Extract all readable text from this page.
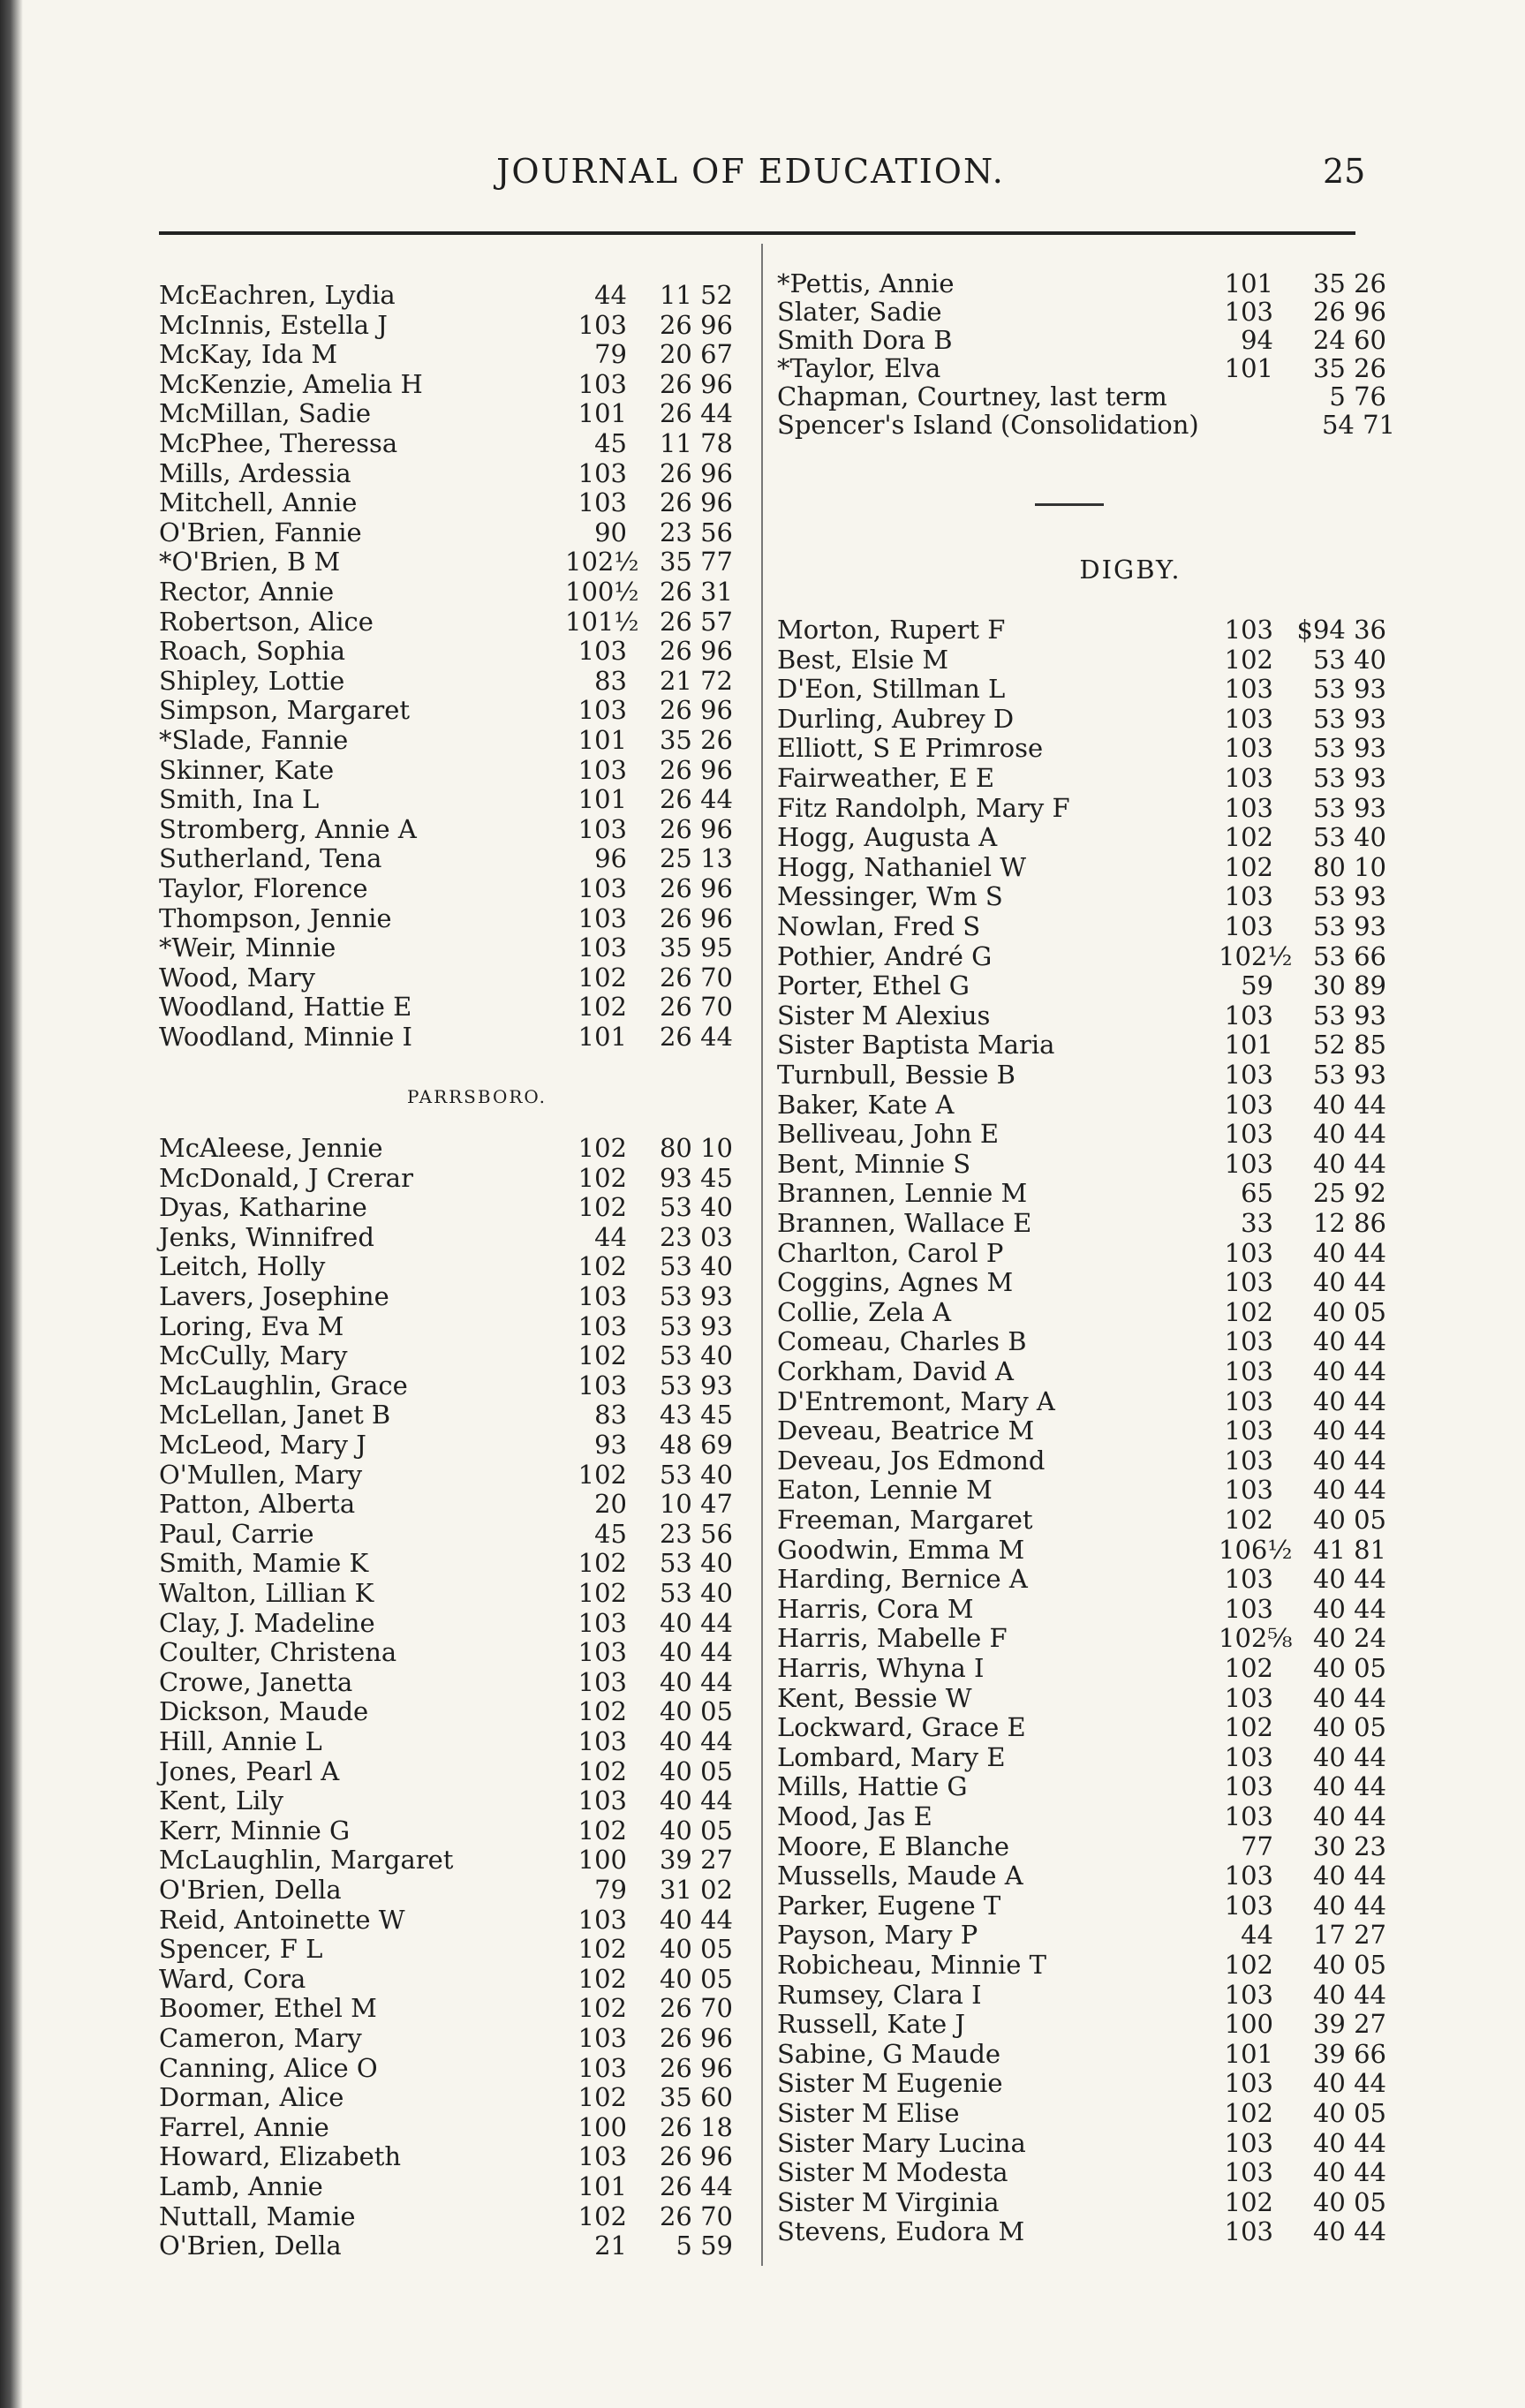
JOURNAL OF EDUCATION.	25
McEachren, Lydia	44	11 52
McInnis, Estella J	103	26 96
McKay, Ida M	79	20 67
McKenzie, Amelia H	103	26 96
McMillan, Sadie	101	26 44
McPhee, Theressa	45	11 78
Mills, Ardessia	103	26 96
Mitchell, Annie	103	26 96
O'Brien, Fannie	90	23 56
*O'Brien, B M	102½ 35 77
Rector, Annie	100½ 26 31
Robertson, Alice	101½ 26 57
Roach, Sophia	103	26 96
Shipley, Lottie	83	21 72
Simpson, Margaret	103	26 96
*Slade, Fannie	101	35 26
Skinner, Kate	103	26 96
Smith, Ina L	101	26 44
Stromberg, Annie A	103	26 96
Sutherland, Tena	96	25 13
Taylor, Florence	103	26 96
Thompson, Jennie	103	26 96
*Weir, Minnie	103	35 95
Wood, Mary	102	26 70
Woodland, Hattie E	102	26 70
Woodland, Minnie I	101	26 44
PARRSBORO.
McAleese, Jennie	102	80 10
McDonald, J Crerar	102	93 45
Dyas, Katharine	102	53 40
Jenks, Winnifred	44	23 03
Leitch, Holly	102	53 40
Lavers, Josephine	103	53 93
Loring, Eva M	103	53 93
McCully, Mary	102	53 40
McLaughlin, Grace	103	53 93
McLellan, Janet B	83	43 45
McLeod, Mary J	93	48 69
O'Mullen, Mary	102	53 40
Patton, Alberta	20	10 47
Paul, Carrie	45	23 56
Smith, Mamie K	102	53 40
Walton, Lillian K	102	53 40
Clay, J. Madeline	103	40 44
Coulter, Christena	103	40 44
Crowe, Janetta	103	40 44
Dickson, Maude	102	40 05
Hill, Annie L	103	40 44
Jones, Pearl A	102	40 05
Kent, Lily	103	40 44
Kerr, Minnie G	102	40 05
McLaughlin, Margaret	100	39 27
O'Brien, Della	79	31 02
Reid, Antoinette W	103	40 44
Spencer, F L	102	40 05
Ward, Cora	102	40 05
Boomer, Ethel M	102	26 70
Cameron, Mary	103	26 96
Canning, Alice O	103	26 96
Dorman, Alice	102	35 60
Farrel, Annie	100	26 18
Howard, Elizabeth	103	26 96
Lamb, Annie	101	26 44
Nuttall, Mamie	102	26 70
O'Brien, Della	21	5 59
*Pettis, Annie	101	35 26
Slater, Sadie	103	26 96
Smith Dora B	94	24 60
*Taylor, Elva	101	35 26
Chapman, Courtney, last term	5 76
Spencer's Island (Consolidation)	54 71
DIGBY.
Morton, Rupert F	103 $94 36
Best, Elsie M	102	53 40
D'Eon, Stillman L	103	53 93
Durling, Aubrey D	103	53 93
Elliott, S E Primrose	103	53 93
Fairweather, E E	103	53 93
Fitz Randolph, Mary F	103	53 93
Hogg, Augusta A	102	53 40
Hogg, Nathaniel W	102	80 10
Messinger, Wm S	103	53 93
Nowlan, Fred S	103	53 93
Pothier, André G	102½ 53 66
Porter, Ethel G	59	30 89
Sister M Alexius	103	53 93
Sister Baptista Maria	101	52 85
Turnbull, Bessie B	103	53 93
Baker, Kate A	103	40 44
Belliveau, John E	103	40 44
Bent, Minnie S	103	40 44
Brannen, Lennie M	65	25 92
Brannen, Wallace E	33	12 86
Charlton, Carol P	103	40 44
Coggins, Agnes M	103	40 44
Collie, Zela A	102	40 05
Comeau, Charles B	103	40 44
Corkham, David A	103	40 44
D'Entremont, Mary A	103	40 44
Deveau, Beatrice M	103	40 44
Deveau, Jos Edmond	103	40 44
Eaton, Lennie M	103	40 44
Freeman, Margaret	102	40 05
Goodwin, Emma M	106½ 41 81
Harding, Bernice A	103	40 44
Harris, Cora M	103	40 44
Harris, Mabelle F	102⅝ 40 24
Harris, Whyna I	102	40 05
Kent, Bessie W	103	40 44
Lockward, Grace E	102	40 05
Lombard, Mary E	103	40 44
Mills, Hattie G	103	40 44
Mood, Jas E	103	40 44
Moore, E Blanche	77	30 23
Mussells, Maude A	103	40 44
Parker, Eugene T	103	40 44
Payson, Mary P	44	17 27
Robicheau, Minnie T	102	40 05
Rumsey, Clara I	103	40 44
Russell, Kate J	100	39 27
Sabine, G Maude	101	39 66
Sister M Eugenie	103	40 44
Sister M Elise	102	40 05
Sister Mary Lucina	103	40 44
Sister M Modesta	103	40 44
Sister M Virginia	102	40 05
Stevens, Eudora M	103	40 44
